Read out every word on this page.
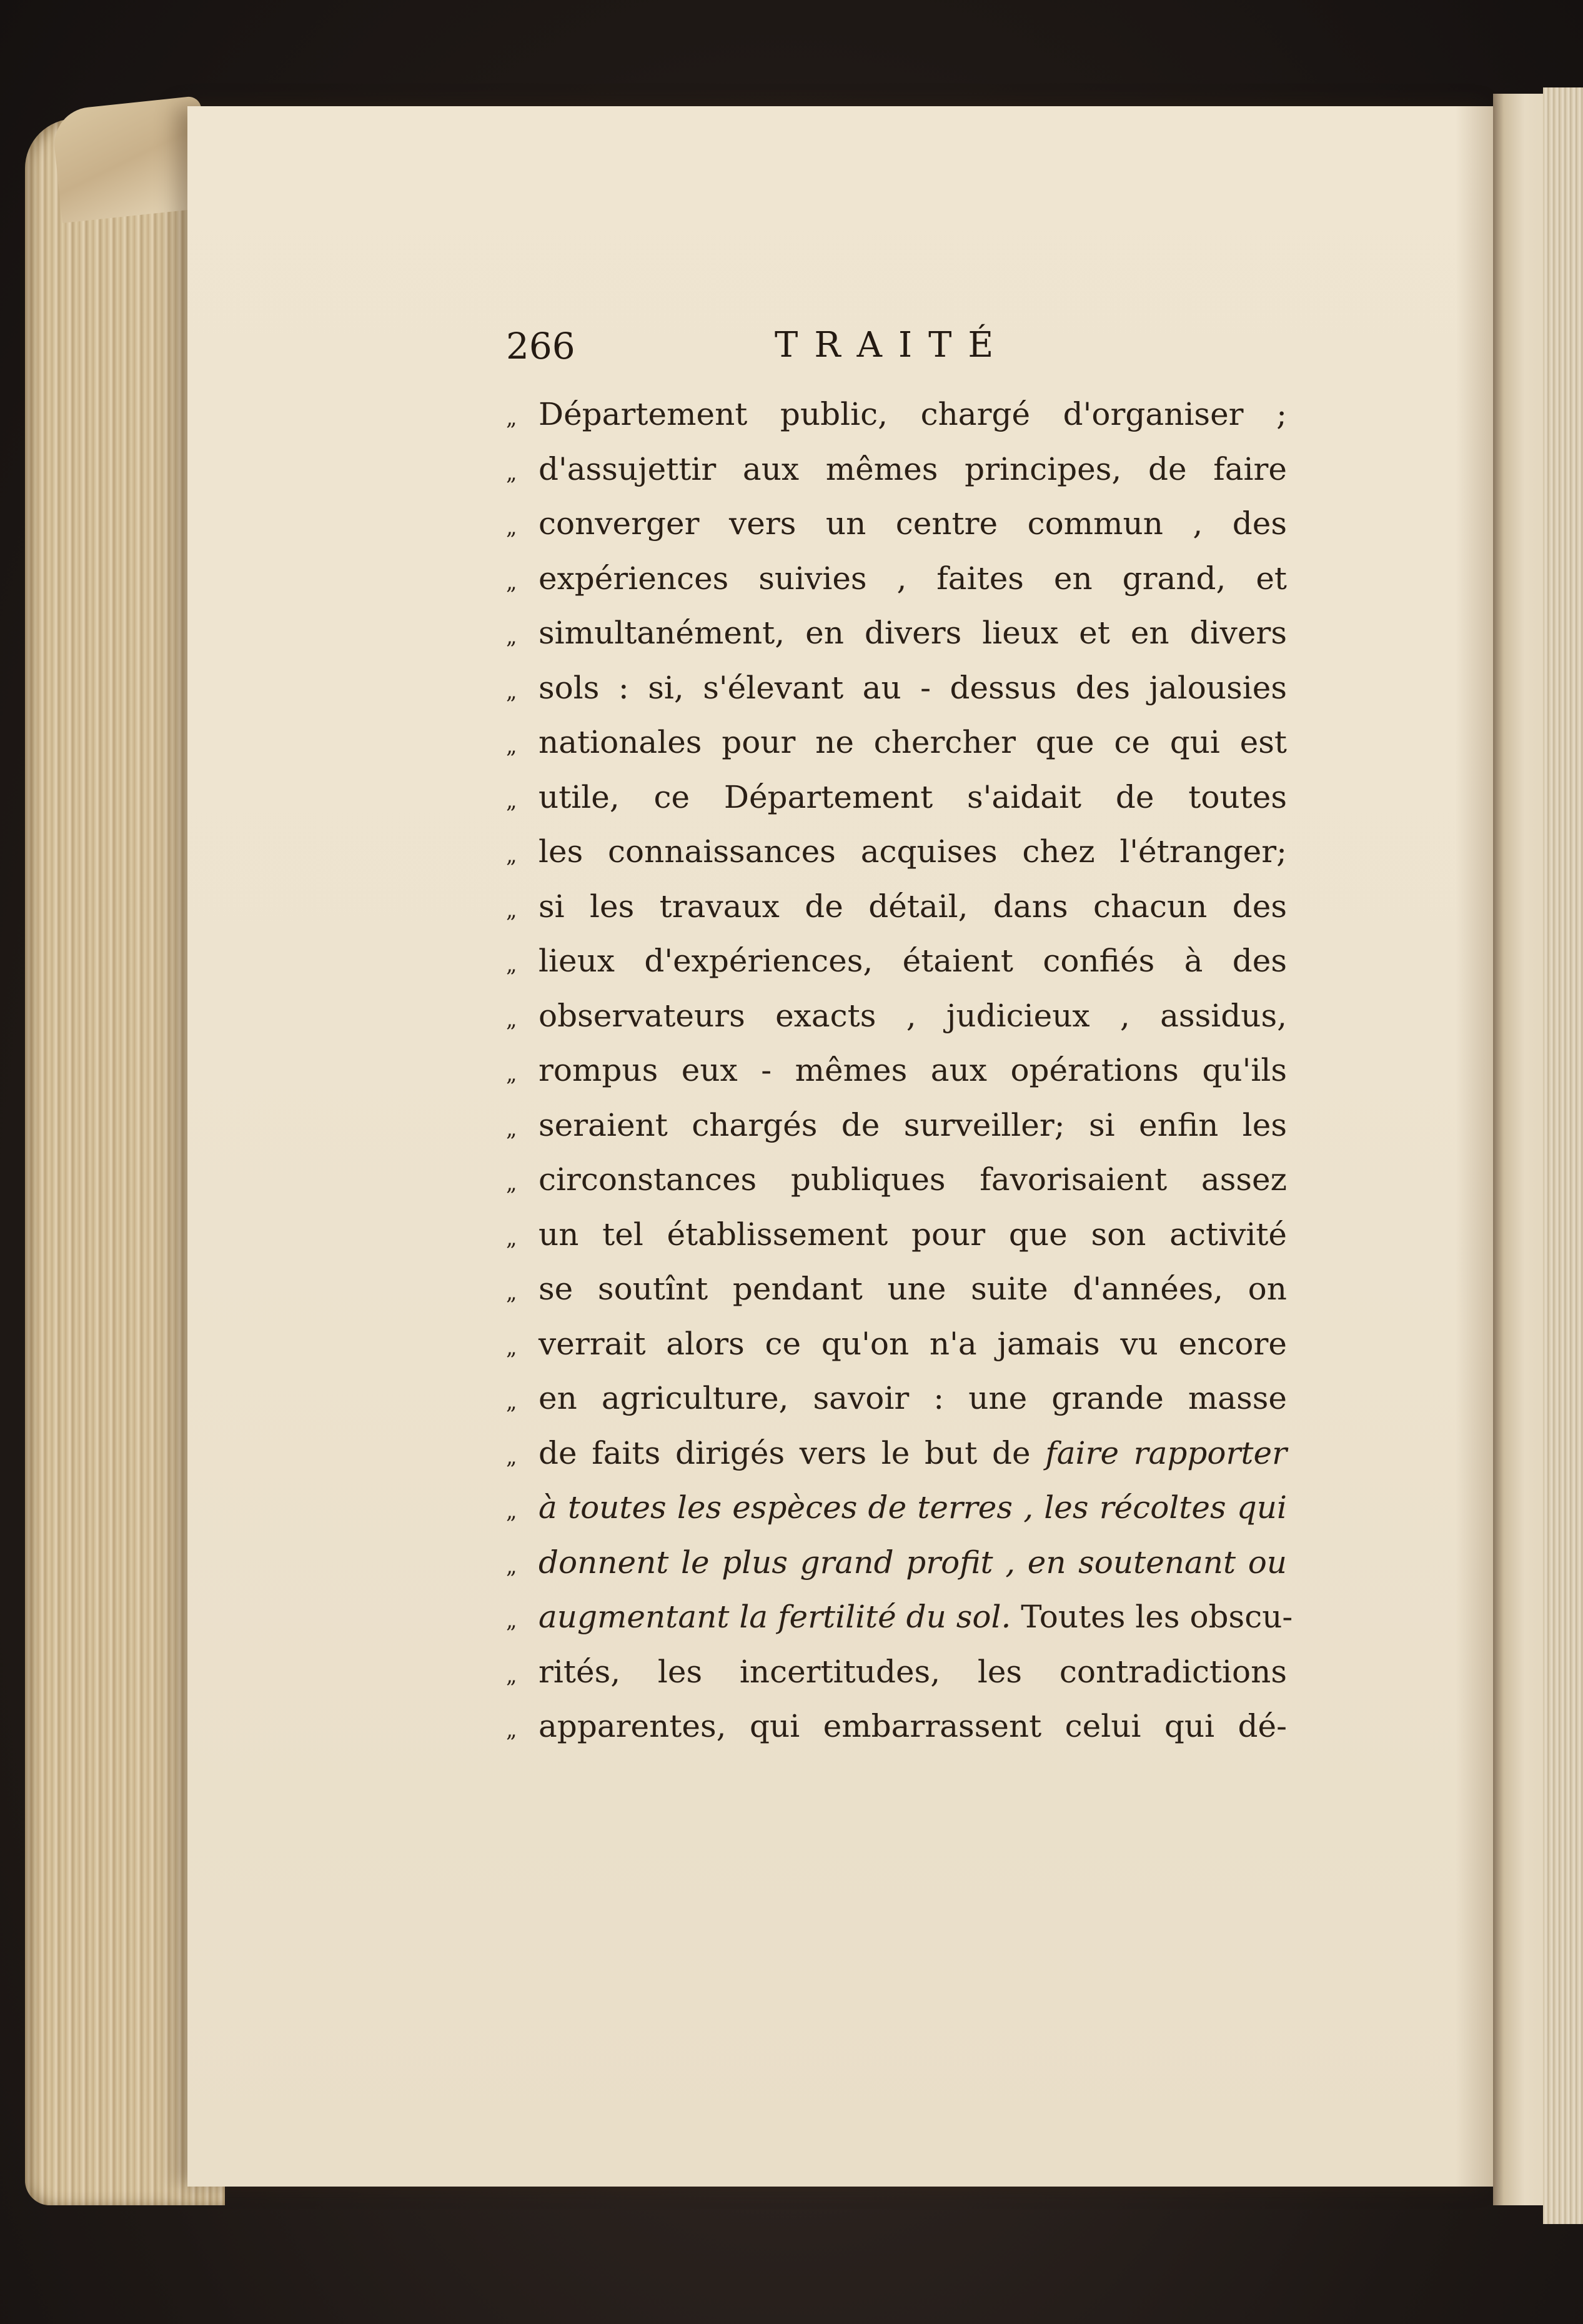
266	TRAITÉ
„ Département public, chargé d'organiser ;
„ d'assujettir aux mêmes principes, de faire
„ converger vers un centre commun , des
„ expériences suivies , faites en grand, et
„ simultanément, en divers lieux et en divers
„ sols : si, s'élevant au - dessus des jalousies
„ nationales pour ne chercher que ce qui est
„ utile, ce Département s'aidait de toutes
„ les connaissances acquises chez l'étranger;
„ si les travaux de détail, dans chacun des
„ lieux d'expériences, étaient confiés à des
„ observateurs exacts , judicieux , assidus,
„ rompus eux - mêmes aux opérations qu'ils
„ seraient chargés de surveiller; si enfin les
„ circonstances publiques favorisaient assez
„ un tel établissement pour que son activité
„ se soutînt pendant une suite d'années, on
„ verrait alors ce qu'on n'a jamais vu encore
„ en agriculture, savoir : une grande masse
„ de faits dirigés vers le but de faire rapporter
„ à toutes les espèces de terres , les récoltes qui
„ donnent le plus grand profit , en soutenant ou
„ augmentant la fertilité du sol. Toutes les obscu-
„ rités, les incertitudes, les contradictions
„ apparentes, qui embarrassent celui qui dé-
